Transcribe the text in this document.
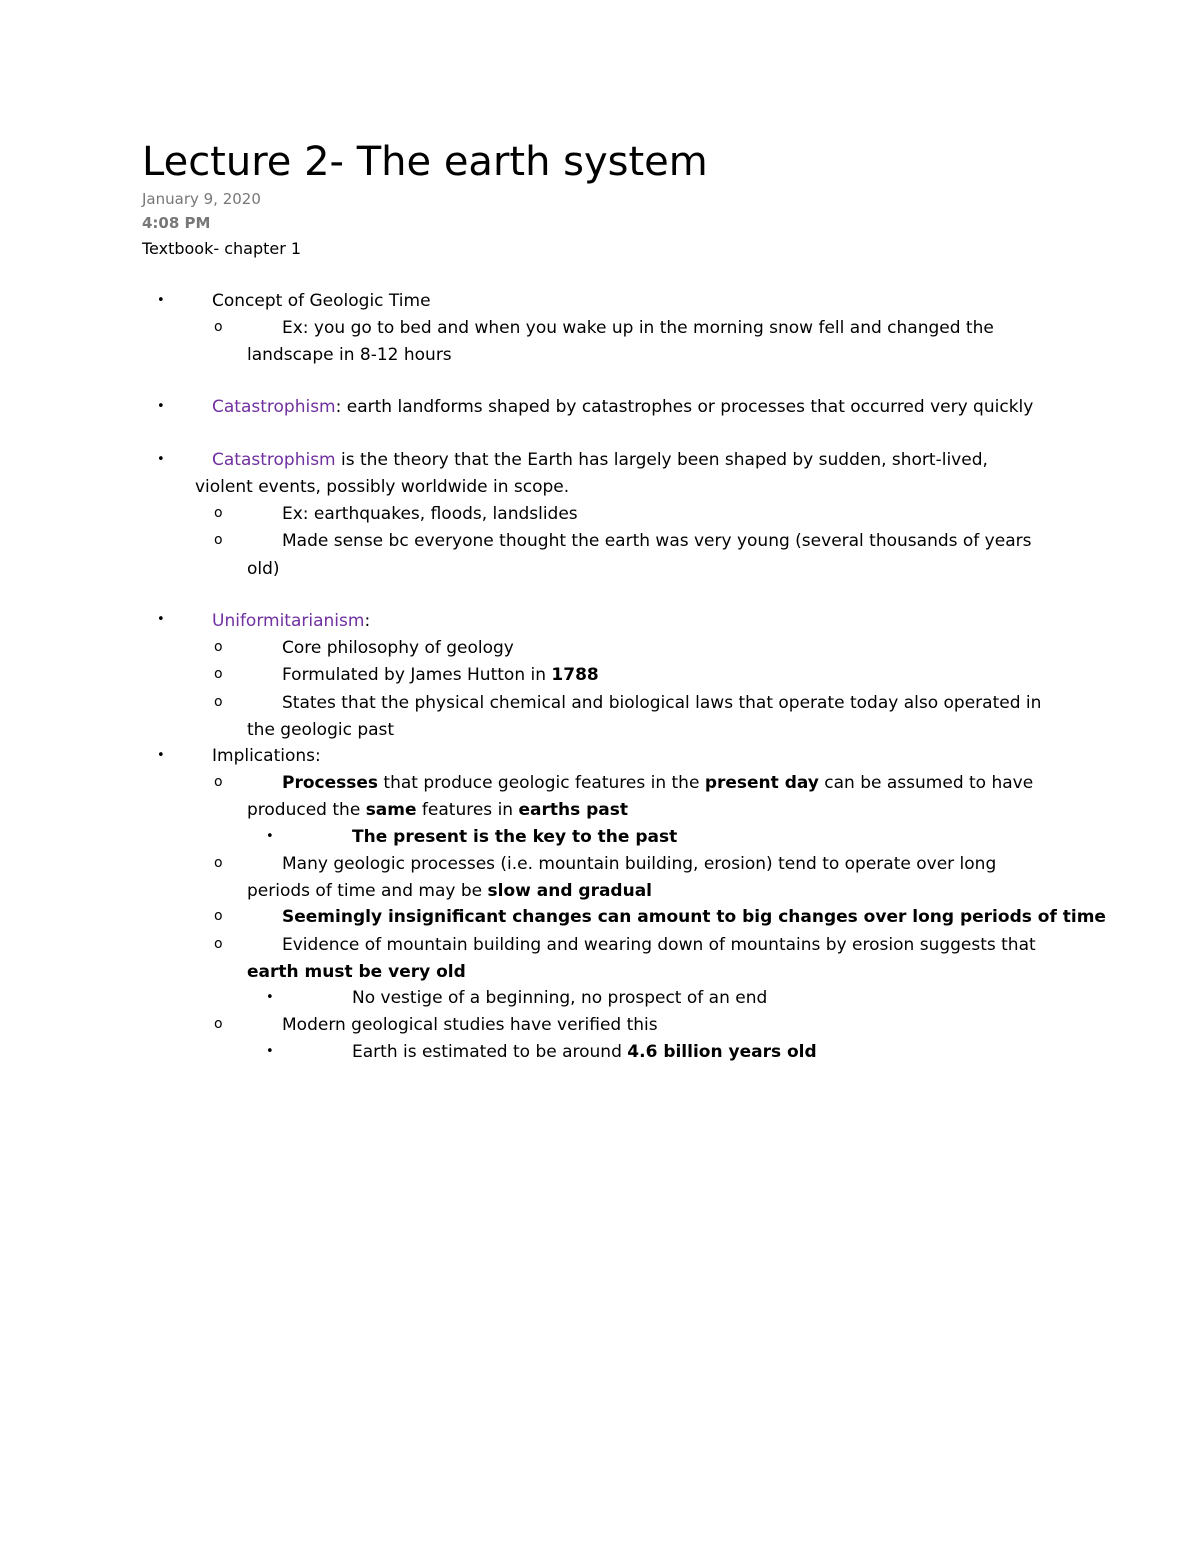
Lecture 2- The earth system
January 9, 2020
4:08 PM
Textbook- chapter 1
•	Concept of Geologic Time
o	Ex: you go to bed and when you wake up in the morning snow fell and changed the
landscape in 8-12 hours
•	Catastrophism: earth landforms shaped by catastrophes or processes that occurred very quickly
•	Catastrophism is the theory that the Earth has largely been shaped by sudden, short-lived,
violent events, possibly worldwide in scope.
o	Ex: earthquakes, floods, landslides
o	Made sense bc everyone thought the earth was very young (several thousands of years
old)
•	Uniformitarianism:
o	Core philosophy of geology
o	Formulated by James Hutton in 1788
o	States that the physical chemical and biological laws that operate today also operated in
the geologic past
•	Implications:
o	Processes that produce geologic features in the present day can be assumed to have
produced the same features in earths past
•	The present is the key to the past
o	Many geologic processes (i.e. mountain building, erosion) tend to operate over long
periods of time and may be slow and gradual
o	Seemingly insignificant changes can amount to big changes over long periods of time
o	Evidence of mountain building and wearing down of mountains by erosion suggests that
earth must be very old
•	No vestige of a beginning, no prospect of an end
o	Modern geological studies have verified this
•	Earth is estimated to be around 4.6 billion years old
